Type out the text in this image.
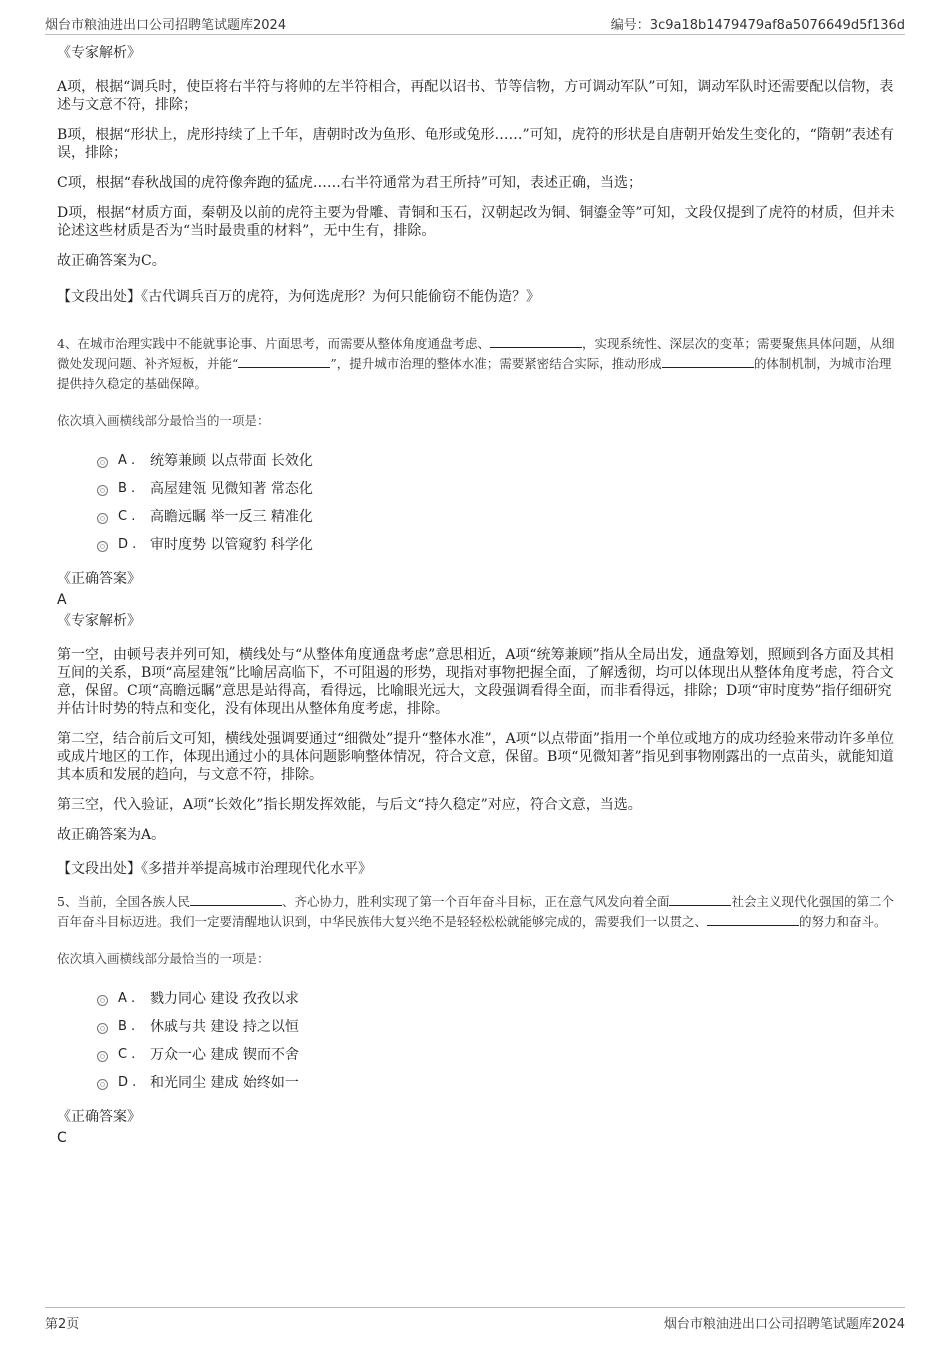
烟台市粮油进出口公司招聘笔试题库2024	编号：3c9a18b1479479af8a5076649d5f136d
《专家解析》

A项，根据“调兵时，使臣将右半符与将帅的左半符相合，再配以诏书、节等信物，方可调动军队”可知，调动军队时还需要配以信物，表述与文意不符，排除；

B项，根据“形状上，虎形持续了上千年，唐朝时改为鱼形、龟形或兔形……”可知，虎符的形状是自唐朝开始发生变化的，“隋朝”表述有误，排除；

C项，根据“春秋战国的虎符像奔跑的猛虎……右半符通常为君王所持”可知，表述正确，当选；

D项，根据“材质方面，秦朝及以前的虎符主要为骨雕、青铜和玉石，汉朝起改为铜、铜鎏金等”可知，文段仅提到了虎符的材质，但并未论述这些材质是否为“当时最贵重的材料”，无中生有，排除。

故正确答案为C。

【文段出处】《古代调兵百万的虎符，为何选虎形？为何只能偷窃不能伪造？》

4、在城市治理实践中不能就事论事、片面思考，而需要从整体角度通盘考虑、	，实现系统性、深层次的变革；需要聚焦具体问题，从细微处发现问题、补齐短板，并能“	”，提升城市治理的整体水准；需要紧密结合实际，推动形成	的体制机制，为城市治理提供持久稳定的基础保障。

依次填入画横线部分最恰当的一项是：
A .	统筹兼顾 以点带面 长效化
B .	高屋建瓴 见微知著 常态化
C .	高瞻远瞩 举一反三 精准化
D . 审时度势 以管窥豹 科学化
《正确答案》
A
《专家解析》

第一空，由顿号表并列可知，横线处与“从整体角度通盘考虑”意思相近，A项“统筹兼顾”指从全局出发，通盘筹划，照顾到各方面及其相互间的关系，B项“高屋建瓴”比喻居高临下，不可阻遏的形势，现指对事物把握全面，了解透彻，均可以体现出从整体角度考虑，符合文意，保留。C项“高瞻远瞩”意思是站得高，看得远，比喻眼光远大，文段强调看得全面，而非看得远，排除；D项“审时度势”指仔细研究并估计时势的特点和变化，没有体现出从整体角度考虑，排除。

第二空，结合前后文可知，横线处强调要通过“细微处”提升“整体水准”，A项“以点带面”指用一个单位或地方的成功经验来带动许多单位或成片地区的工作，体现出通过小的具体问题影响整体情况，符合文意，保留。B项“见微知著”指见到事物刚露出的一点苗头，就能知道其本质和发展的趋向，与文意不符，排除。

第三空，代入验证，A项“长效化”指长期发挥效能，与后文“持久稳定”对应，符合文意，当选。

故正确答案为A。

【文段出处】《多措并举提高城市治理现代化水平》

5、当前，全国各族人民	、齐心协力，胜利实现了第一个百年奋斗目标，正在意气风发向着全面	社会主义现代化强国的第二个百年奋斗目标迈进。我们一定要清醒地认识到，中华民族伟大复兴绝不是轻轻松松就能够完成的，需要我们一以贯之、	的努力和奋斗。

依次填入画横线部分最恰当的一项是：
A .	戮力同心 建设 孜孜以求
B .	休戚与共 建设 持之以恒
C .	万众一心 建成 锲而不舍
D . 和光同尘 建成 始终如一
《正确答案》
C
第2页	烟台市粮油进出口公司招聘笔试题库2024
